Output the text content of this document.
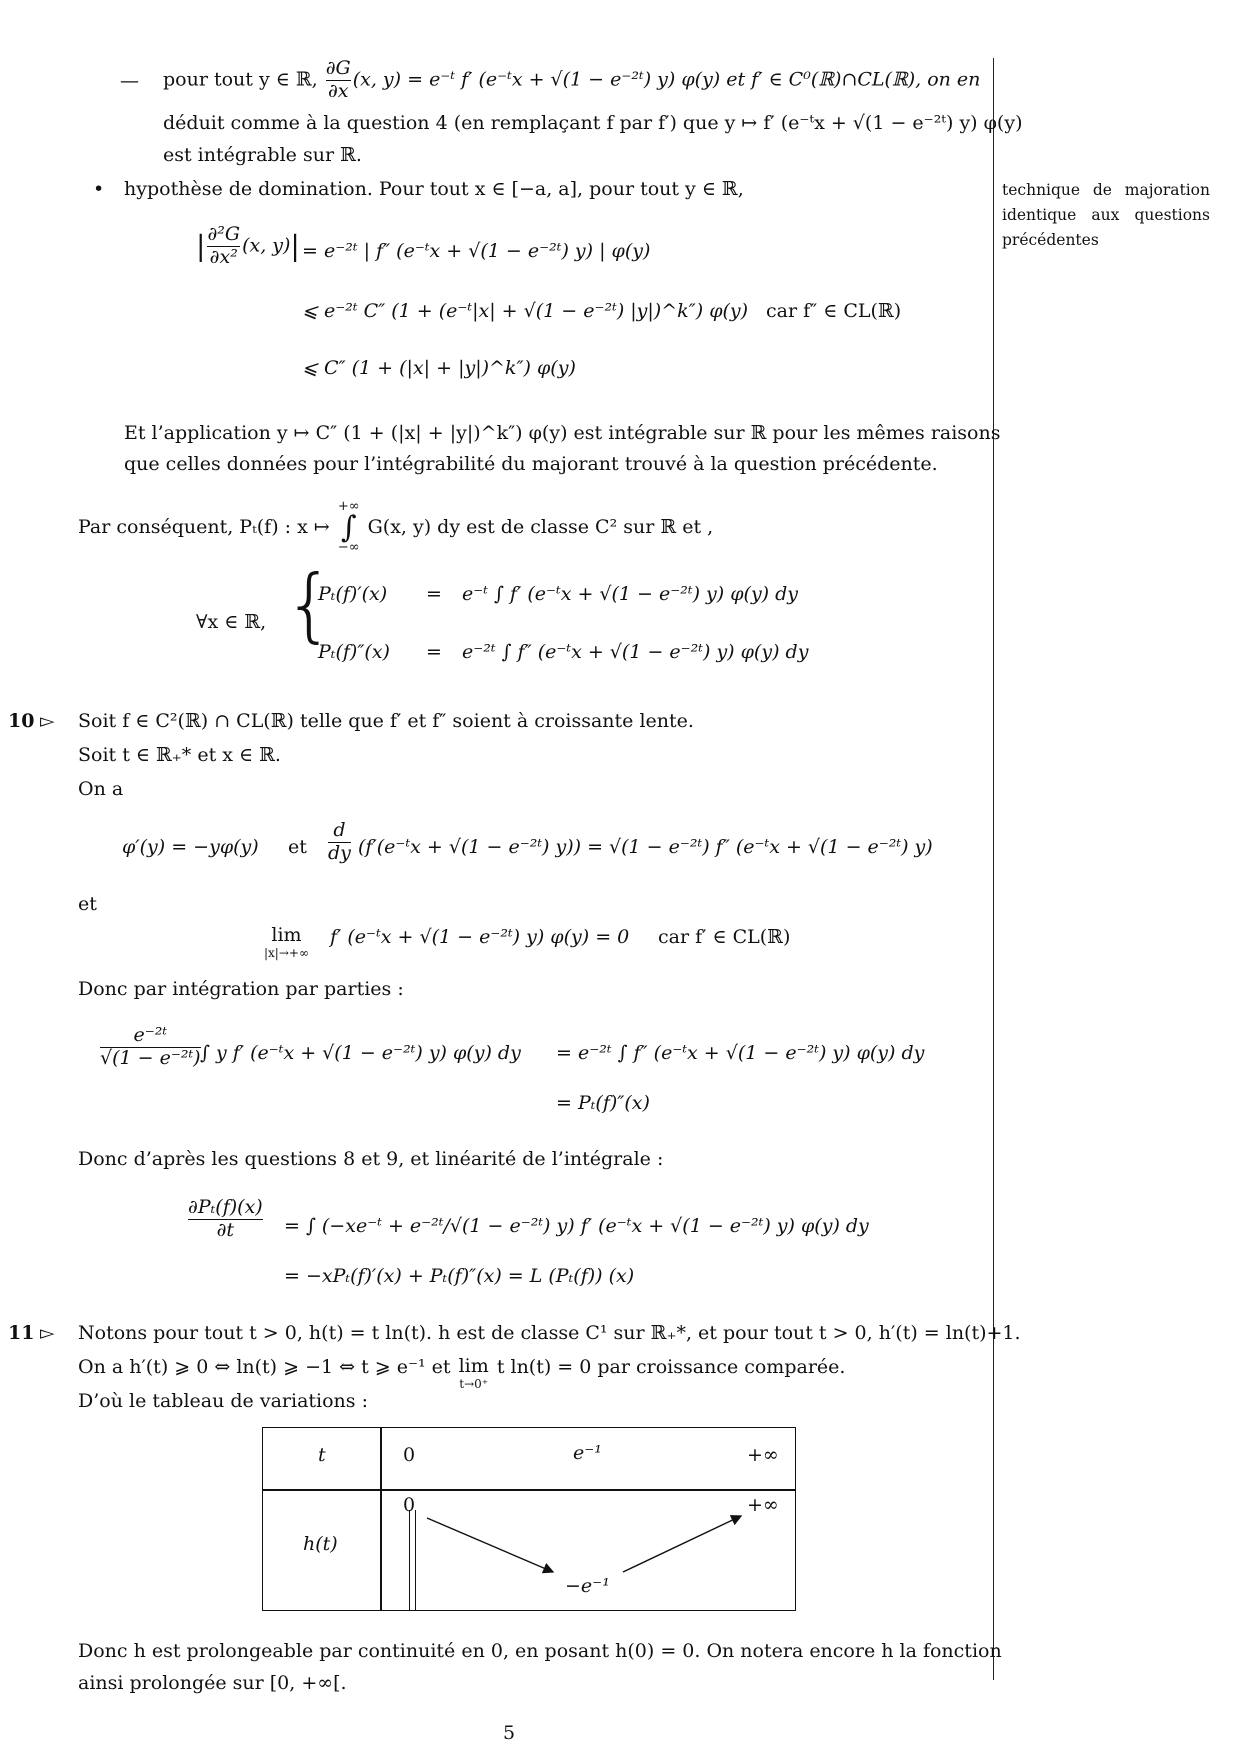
technique de majoration identique aux questions précédentes
— pour tout y ∈ ℝ, $\frac{\partial G}{\partial x} (x$, y) = e⁻ᵗ f′ (e⁻ᵗx + √(1 − e⁻²ᵗ) y) φ(y) et f′ ∈ C⁰(ℝ)∩CL(ℝ), on en
déduit comme à la question 4 (en remplaçant f par f′) que y ↦ f′ (e⁻ᵗx + √(1 − e⁻²ᵗ) y) φ(y)
est intégrable sur ℝ.
• hypothèse de domination. Pour tout x ∈ [−a, a], pour tout y ∈ ℝ,
| $\frac{\text{∂²G}}{\text{∂x²}} (x$, y)| = e⁻²ᵗ | f″ (e⁻ᵗx + √(1 − e⁻²ᵗ) y) | φ(y)
⩽ e⁻²ᵗ C″ (1 + (e⁻ᵗ|x| + √(1 − e⁻²ᵗ) |y|)^k″) φ(y) car f″ ∈ CL(ℝ)
⩽ C″ (1 + (|x| + |y|)^k″) φ(y)
Et l’application y ↦ C″ (1 + (|x| + |y|)^k″) φ(y) est intégrable sur ℝ pour les mêmes raisons
que celles données pour l’intégrabilité du majorant trouvé à la question précédente.
Par conséquent, Pₜ(f) : x ↦
+∞
∫
−∞
G(x, y) dy est de classe C² sur ℝ et ,
∀x ∈ ℝ, {
Pₜ(f)′(x) = e⁻ᵗ ∫ f′ (e⁻ᵗx + √(1 − e⁻²ᵗ) y) φ(y) dy
Pₜ(f)″(x) = e⁻²ᵗ ∫ f″ (e⁻ᵗx + √(1 − e⁻²ᵗ) y) φ(y) dy
10 ▻ Soit f ∈ C²(ℝ) ∩ CL(ℝ) telle que f′ et f″ soient à croissante lente.
Soit t ∈ ℝ₊* et x ∈ ℝ.
On a
φ′(y) = −yφ(y) et $\frac{d}{dy}$ (f′(e⁻ᵗx + √(1 − e⁻²ᵗ) y)) = √(1 − e⁻²ᵗ) f″ (e⁻ᵗx + √(1 − e⁻²ᵗ) y)
et
lim
|x|→+∞
f′ (e⁻ᵗx + √(1 − e⁻²ᵗ) y) φ(y) = 0 car f′ ∈ CL(ℝ)
Donc par intégration par parties :
$\frac{\text{e⁻²ᵗ}}{\text{√(1 − e⁻²ᵗ)}}$ ∫ y f′ (e⁻ᵗx + √(1 − e⁻²ᵗ) y) φ(y) dy = e⁻²ᵗ ∫ f″ (e⁻ᵗx + √(1 − e⁻²ᵗ) y) φ(y) dy
= Pₜ(f)″(x)
Donc d’après les questions 8 et 9, et linéarité de l’intégrale :
$\frac{\text{∂Pₜ(f)(x)}}{\partial t}$ = ∫ (−xe⁻ᵗ + e⁻²ᵗ/√(1 − e⁻²ᵗ) y) f′ (e⁻ᵗx + √(1 − e⁻²ᵗ) y) φ(y) dy
= −xPₜ(f)′(x) + Pₜ(f)″(x) = L (Pₜ(f)) (x)
11 ▻ Notons pour tout t > 0, h(t) = t ln(t). h est de classe C¹ sur ℝ₊*, et pour tout t > 0, h′(t) = ln(t)+1.
On a h′(t) ⩾ 0 ⇔ ln(t) ⩾ −1 ⇔ t ⩾ e⁻¹ et lim
t→0⁺
t ln(t) = 0 par croissance comparée.
D’où le tableau de variations :
t
h(t)
0	e⁻¹	+∞
0
−e⁻¹
+∞
Donc h est prolongeable par continuité en 0, en posant h(0) = 0. On notera encore h la fonction
ainsi prolongée sur [0, +∞[.
5
